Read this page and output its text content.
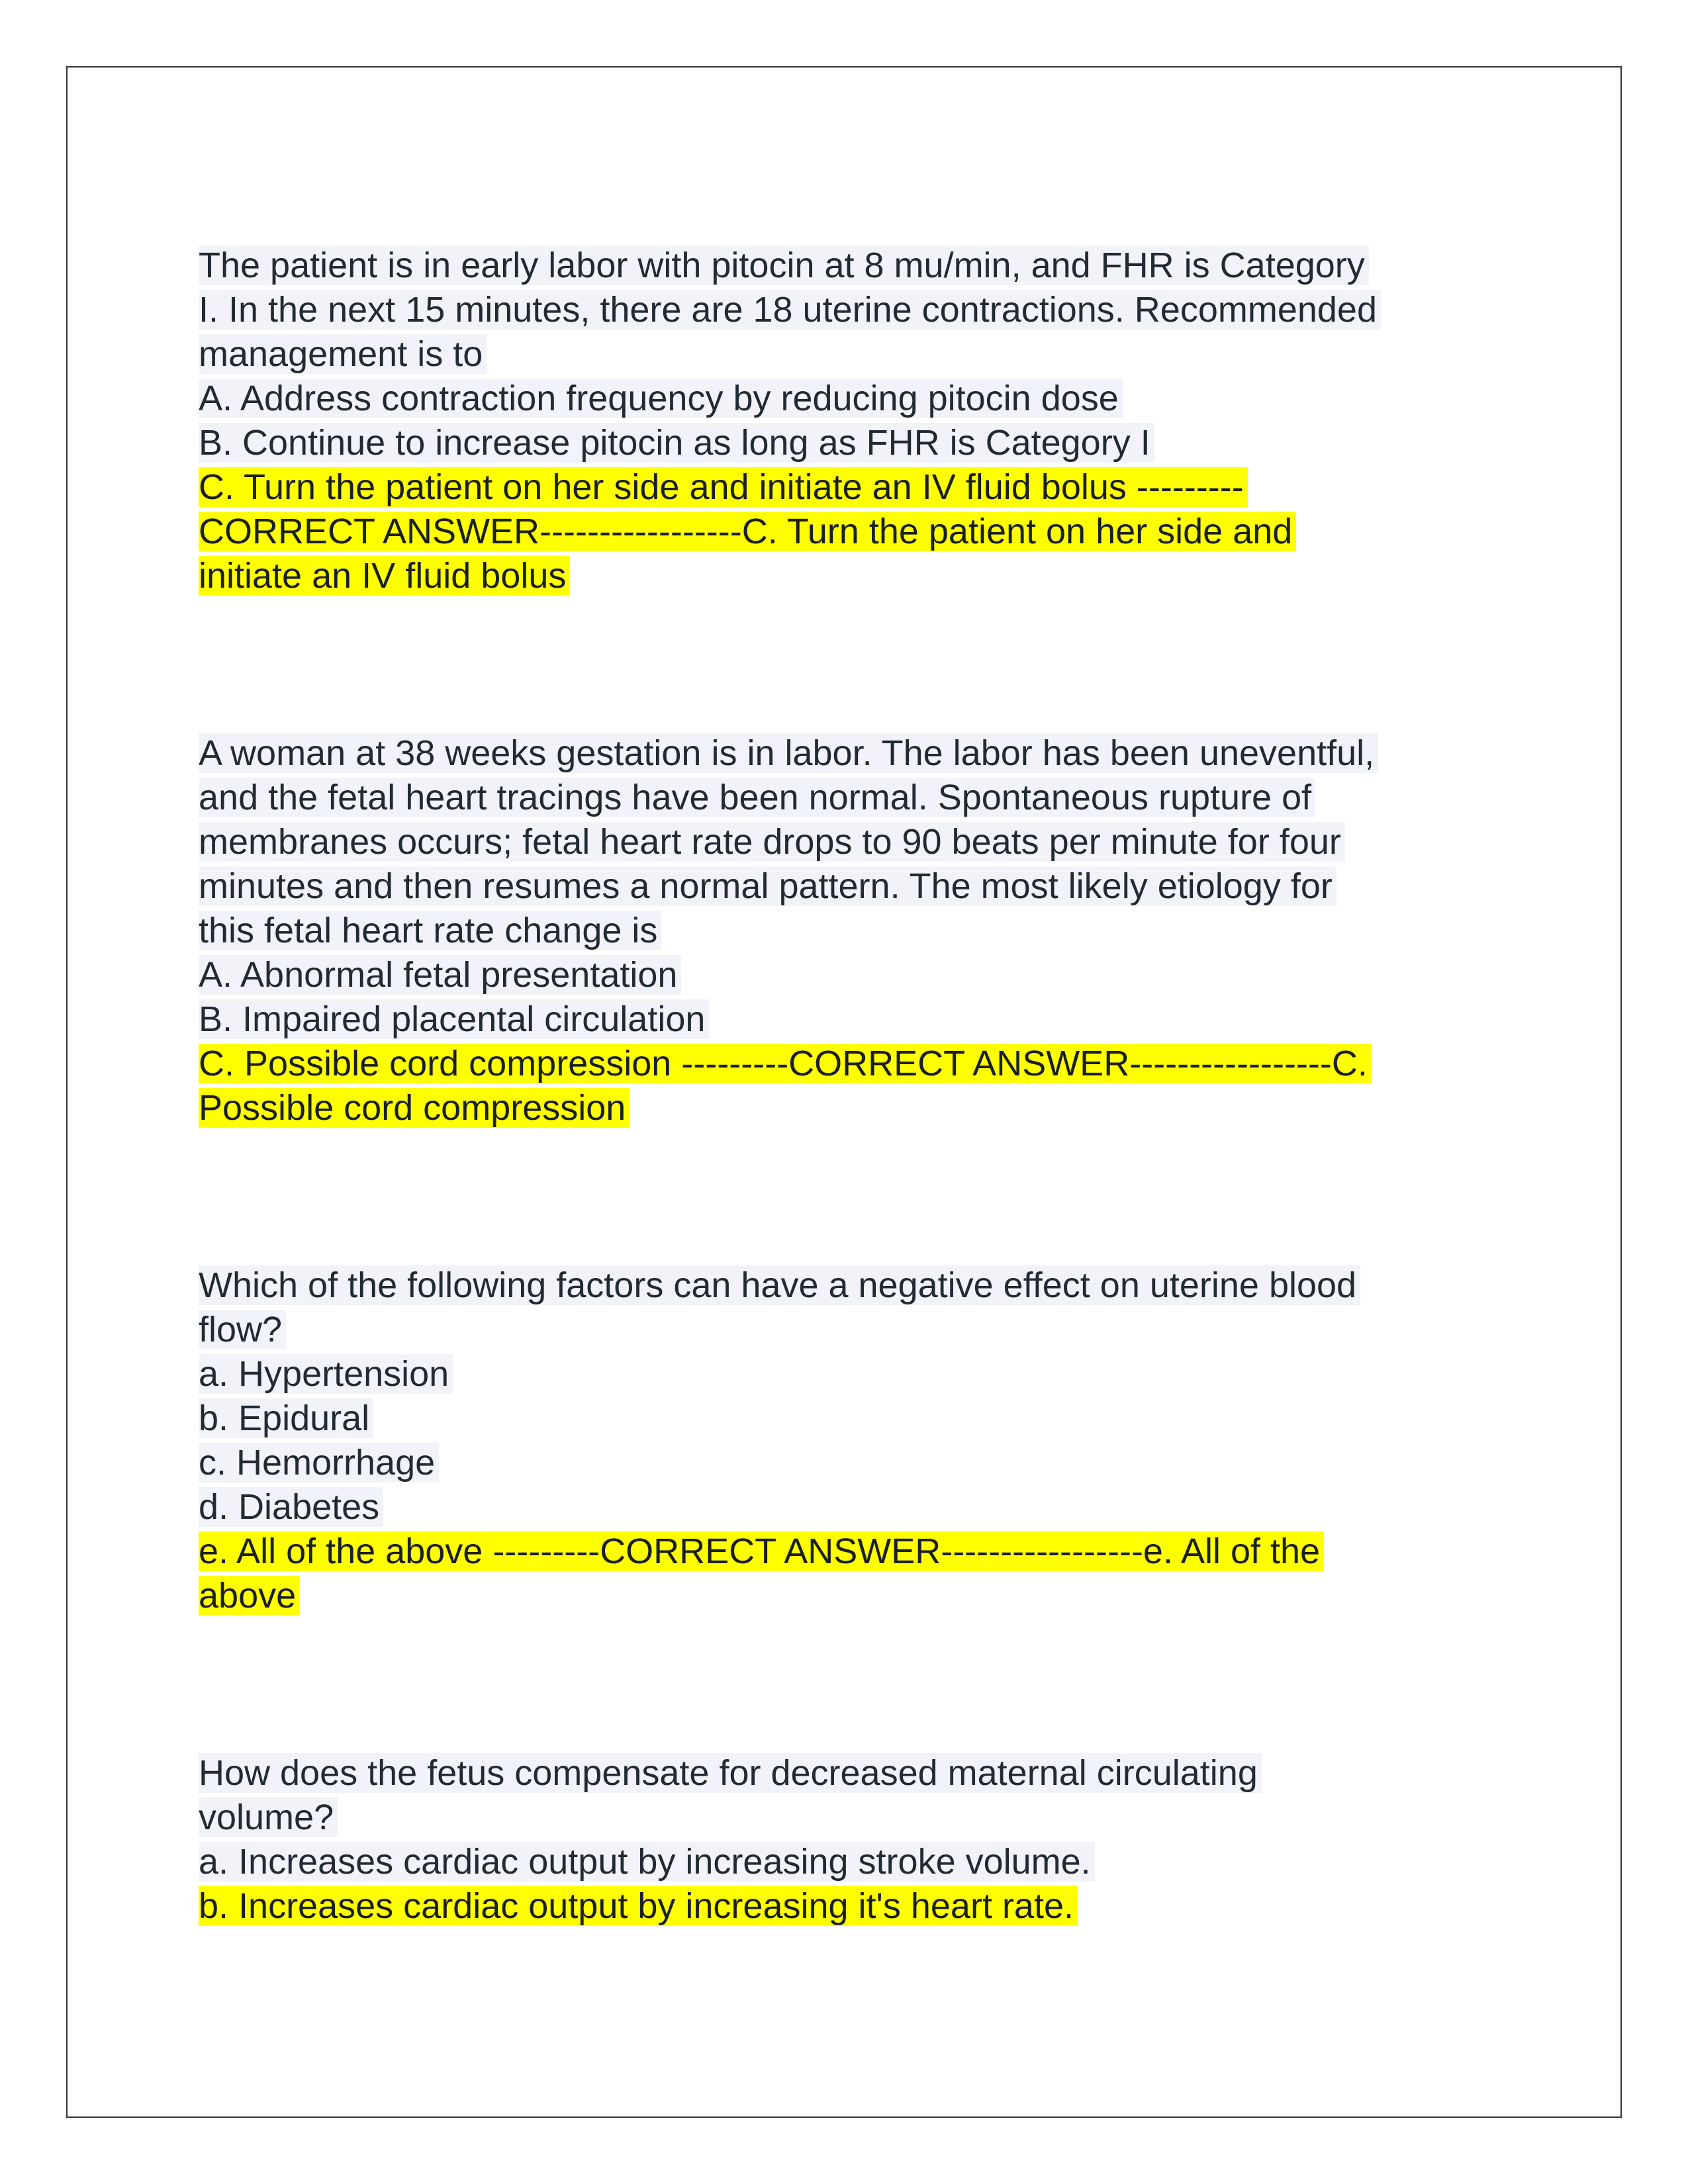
The patient is in early labor with pitocin at 8 mu/min, and FHR is Category
I. In the next 15 minutes, there are 18 uterine contractions. Recommended
management is to
A. Address contraction frequency by reducing pitocin dose
B. Continue to increase pitocin as long as FHR is Category I
C. Turn the patient on her side and initiate an IV fluid bolus ---------
CORRECT ANSWER-----------------C. Turn the patient on her side and
initiate an IV fluid bolus
A woman at 38 weeks gestation is in labor. The labor has been uneventful,
and the fetal heart tracings have been normal. Spontaneous rupture of
membranes occurs; fetal heart rate drops to 90 beats per minute for four
minutes and then resumes a normal pattern. The most likely etiology for
this fetal heart rate change is
A. Abnormal fetal presentation
B. Impaired placental circulation
C. Possible cord compression ---------CORRECT ANSWER-----------------C.
Possible cord compression
Which of the following factors can have a negative effect on uterine blood
flow?
a. Hypertension
b. Epidural
c. Hemorrhage
d. Diabetes
e. All of the above ---------CORRECT ANSWER-----------------e. All of the
above
How does the fetus compensate for decreased maternal circulating
volume?
a. Increases cardiac output by increasing stroke volume.
b. Increases cardiac output by increasing it's heart rate.
